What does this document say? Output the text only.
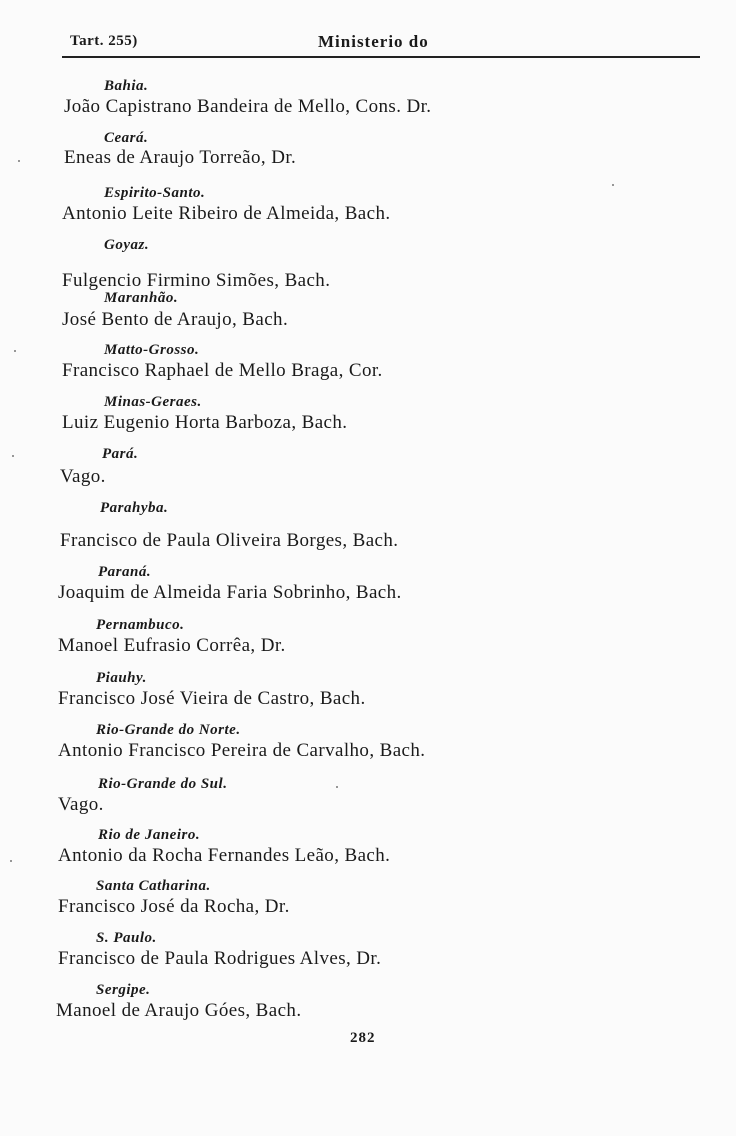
Tart. 255)	Ministerio do
Bahia.
João Capistrano Bandeira de Mello, Cons. Dr.
Ceará.
Eneas de Araujo Torreão, Dr.
Espirito-Santo.
Antonio Leite Ribeiro de Almeida, Bach.
Goyaz.
Fulgencio Firmino Simões, Bach.
Maranhão.
José Bento de Araujo, Bach.
Matto-Grosso.
Francisco Raphael de Mello Braga, Cor.
Minas-Geraes.
Luiz Eugenio Horta Barboza, Bach.
Pará.
Vago.
Parahyba.
Francisco de Paula Oliveira Borges, Bach.
Paraná.
Joaquim de Almeida Faria Sobrinho, Bach.
Pernambuco.
Manoel Eufrasio Corrêa, Dr.
Piauhy.
Francisco José Vieira de Castro, Bach.
Rio-Grande do Norte.
Antonio Francisco Pereira de Carvalho, Bach.
Rio-Grande do Sul.
Vago.
Rio de Janeiro.
Antonio da Rocha Fernandes Leão, Bach.
Santa Catharina.
Francisco José da Rocha, Dr.
S. Paulo.
Francisco de Paula Rodrigues Alves, Dr.
Sergipe.
Manoel de Araujo Góes, Bach.
282
